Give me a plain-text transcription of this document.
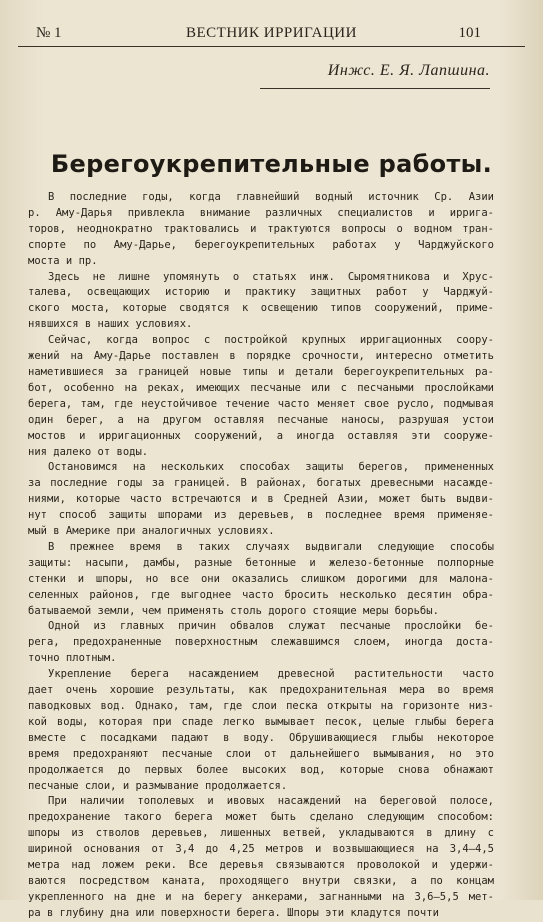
№ 1	ВЕСТНИК ИРРИГАЦИИ	101
Инжс. Е. Я. Лапшина.
Берегоукрепительные работы.
В последние годы, когда главнейший водный источник Ср. Азии
р. Аму-Дарья привлекла внимание различных специалистов и ирригa-
торов, неоднократно трактовались и трактуются вопросы о водном тран-
спорте по Аму-Дарье, берегоукрепительных работах у Чарджуйского
моста и пр.
Здесь не лишне упомянуть о статьях инж. Сыромятникова и Хрус-
талева, освещающих историю и практику защитных работ у Чарджуй-
ского моста, которые сводятся к освещению типов сооружений, приме-
нявшихся в наших условиях.
Сейчас, когда вопрос с постройкой крупных ирригационных соору-
жений на Аму-Дарье поставлен в порядке срочности, интересно отметить
наметившиеся за границей новые типы и детали берегоукрепительных ра-
бот, особенно на реках, имеющих песчаные или с песчаными прослойками
берега, там, где неустойчивое течение часто меняет свое русло, подмывая
один берег, а на другом оставляя песчаные наносы, разрушая устои
мостов и ирригационных сооружений, а иногда оставляя эти сооруже-
ния далеко от воды.
Остановимся на нескольких способах защиты берегов, примененных
за последние годы за границей. В районах, богатых древесными насажде-
ниями, которые часто встречаются и в Средней Азии, может быть выдви-
нут способ защиты шпорами из деревьев, в последнее время применяе-
мый в Америке при аналогичных условиях.
В прежнее время в таких случаях выдвигали следующие способы
защиты: насыпи, дамбы, разные бетонные и железо-бетонные полпорные
стенки и шпоры, но все они оказались слишком дорогими для малона-
селенных районов, где выгоднее часто бросить несколько десятин обра-
батываемой земли, чем применять столь дорого стоящие меры борьбы.
Одной из главных причин обвалов служат песчаные прослойки бе-
рега, предохраненные поверхностным слежавшимся слоем, иногда доста-
точно плотным.
Укрепление берега насаждением древесной растительности часто
дает очень хорошие результаты, как предохранительная мера во время
паводковых вод. Однако, там, где слои песка открыты на горизонте низ-
кой воды, которая при спаде легко вымывает песок, целые глыбы берега
вместе с посадками падают в воду. Обрушивающиеся глыбы некоторое
время предохраняют песчаные слои от дальнейшего вымывания, но это
продолжается до первых более высоких вод, которые снова обнажают
песчаные слои, и размывание продолжается.
При наличии тополевых и ивовых насаждений на береговой полосе,
предохранение такого берега может быть сделано следующим способом:
шпоры из стволов деревьев, лишенных ветвей, укладываются в длину с
шириной основания от 3,4 до 4,25 метров и возвышающиеся на 3,4—4,5
метра над ложем реки. Все деревья связываются проволокой и удержи-
ваются посредством каната, проходящего внутри связки, а по концам
укрепленного на дне и на берегу анкерами, загнанными на 3,6—5,5 мет-
ра в глубину дна или поверхности берега. Шпоры эти кладутся почти
